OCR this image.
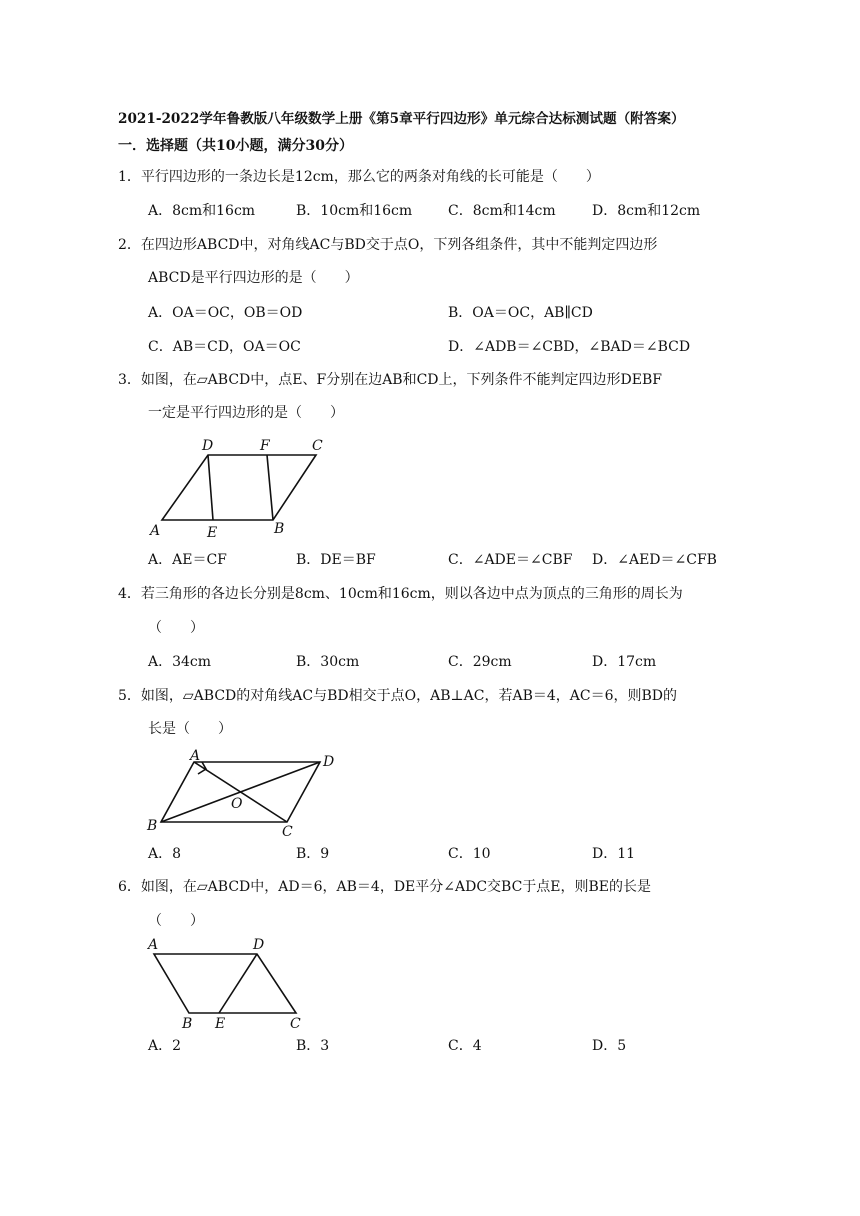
2021-2022学年鲁教版八年级数学上册《第5章平行四边形》单元综合达标测试题（附答案）
一．选择题（共10小题，满分30分）
1．平行四边形的一条边长是12cm，那么它的两条对角线的长可能是（　　）
A．8cm和16cm	B．10cm和16cm	C．8cm和14cm	D．8cm和12cm
2．在四边形ABCD中，对角线AC与BD交于点O，下列各组条件，其中不能判定四边形
ABCD是平行四边形的是（　　）
A．OA＝OC，OB＝OD	B．OA＝OC，AB∥CD
C．AB＝CD，OA＝OC	D．∠ADB＝∠CBD，∠BAD＝∠BCD
3．如图，在▱ABCD中，点E、F分别在边AB和CD上，下列条件不能判定四边形DEBF
一定是平行四边形的是（　　）
D	F	C
A	E	B
A．AE＝CF	B．DE＝BF	C．∠ADE＝∠CBF D．∠AED＝∠CFB
4．若三角形的各边长分别是8cm、10cm和16cm，则以各边中点为顶点的三角形的周长为
（　　）
A．34cm	B．30cm	C．29cm	D．17cm
5．如图，▱ABCD的对角线AC与BD相交于点O，AB⊥AC，若AB＝4，AC＝6，则BD的
长是（　　）
A	D
O
B	C
A．8	B．9	C．10	D．11
6．如图，在▱ABCD中，AD＝6，AB＝4，DE平分∠ADC交BC于点E，则BE的长是
（　　）
A	D
B E	C
A．2	B．3	C．4	D．5
